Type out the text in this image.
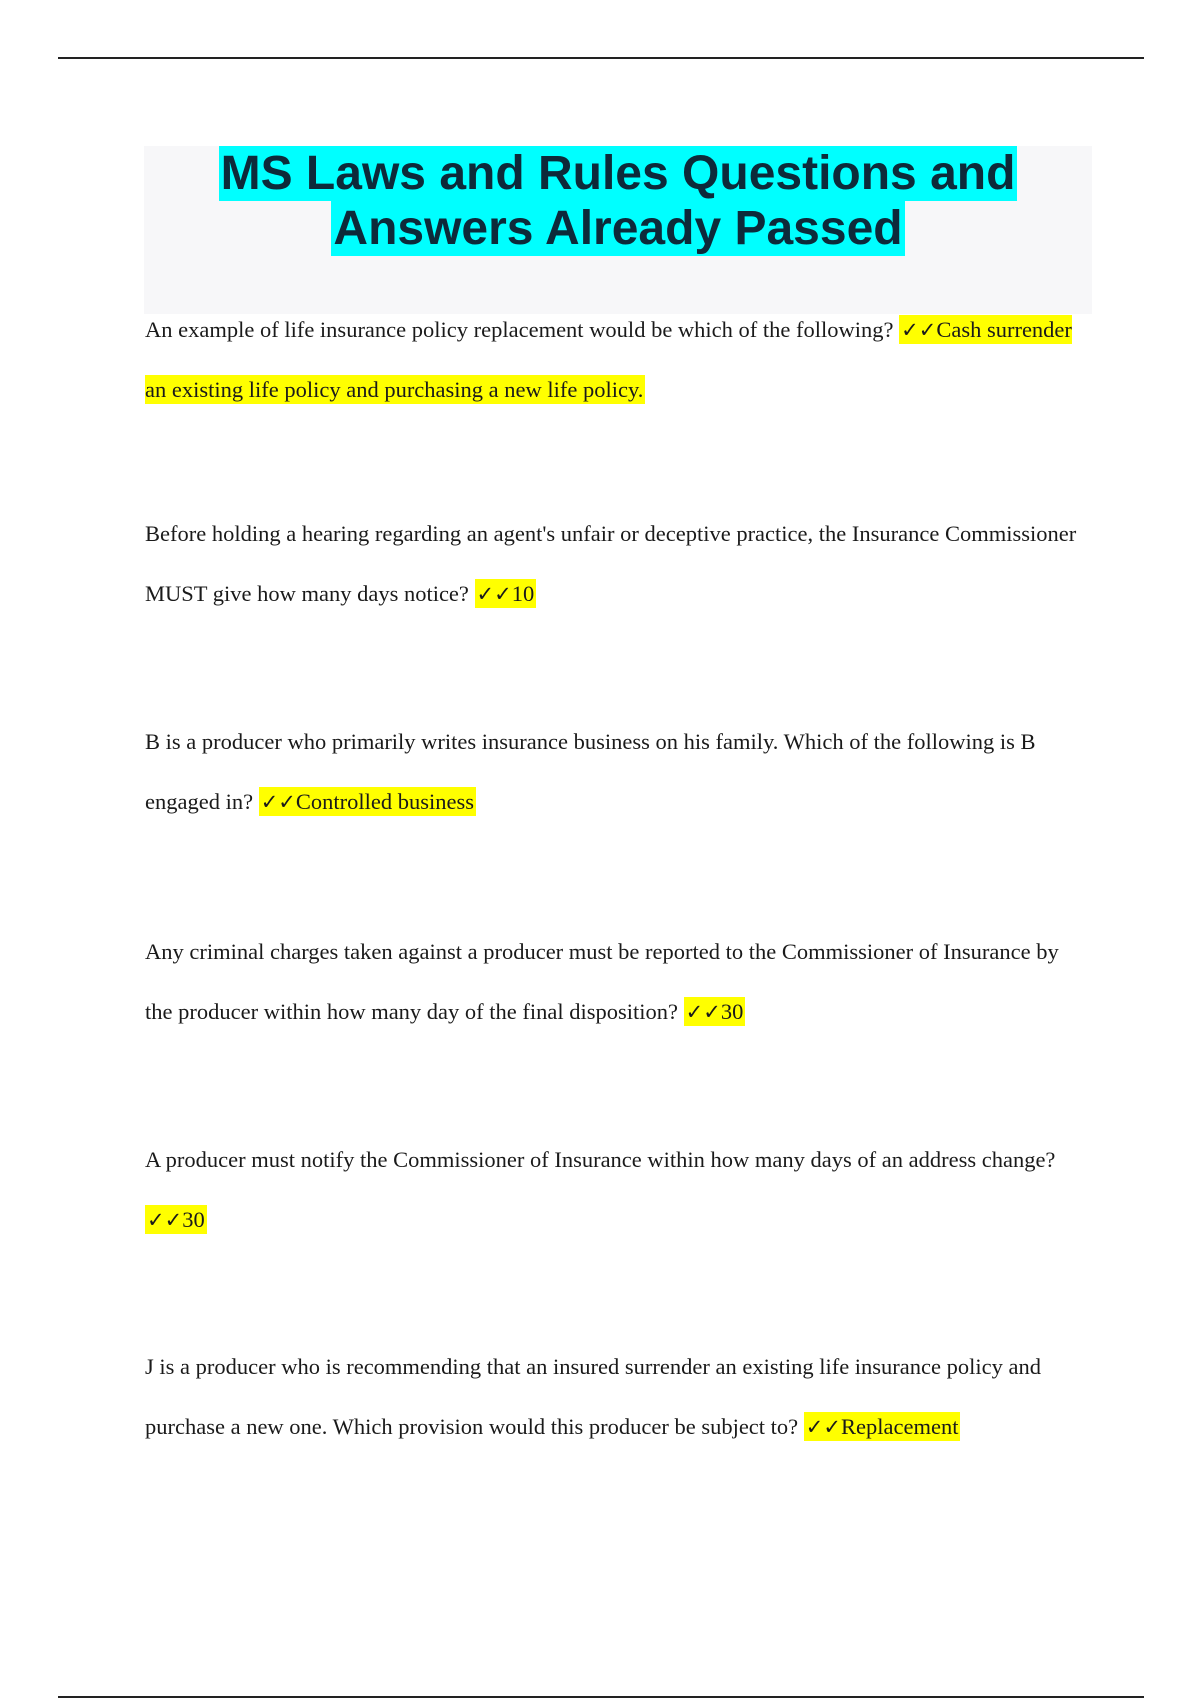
MS Laws and Rules Questions and
Answers Already Passed

An example of life insurance policy replacement would be which of the following? ✓✓Cash surrender an existing life policy and purchasing a new life policy.

Before holding a hearing regarding an agent's unfair or deceptive practice, the Insurance Commissioner MUST give how many days notice? ✓✓10

B is a producer who primarily writes insurance business on his family. Which of the following is B engaged in? ✓✓Controlled business

Any criminal charges taken against a producer must be reported to the Commissioner of Insurance by the producer within how many day of the final disposition? ✓✓30

A producer must notify the Commissioner of Insurance within how many days of an address change? ✓✓30

J is a producer who is recommending that an insured surrender an existing life insurance policy and purchase a new one. Which provision would this producer be subject to? ✓✓Replacement
